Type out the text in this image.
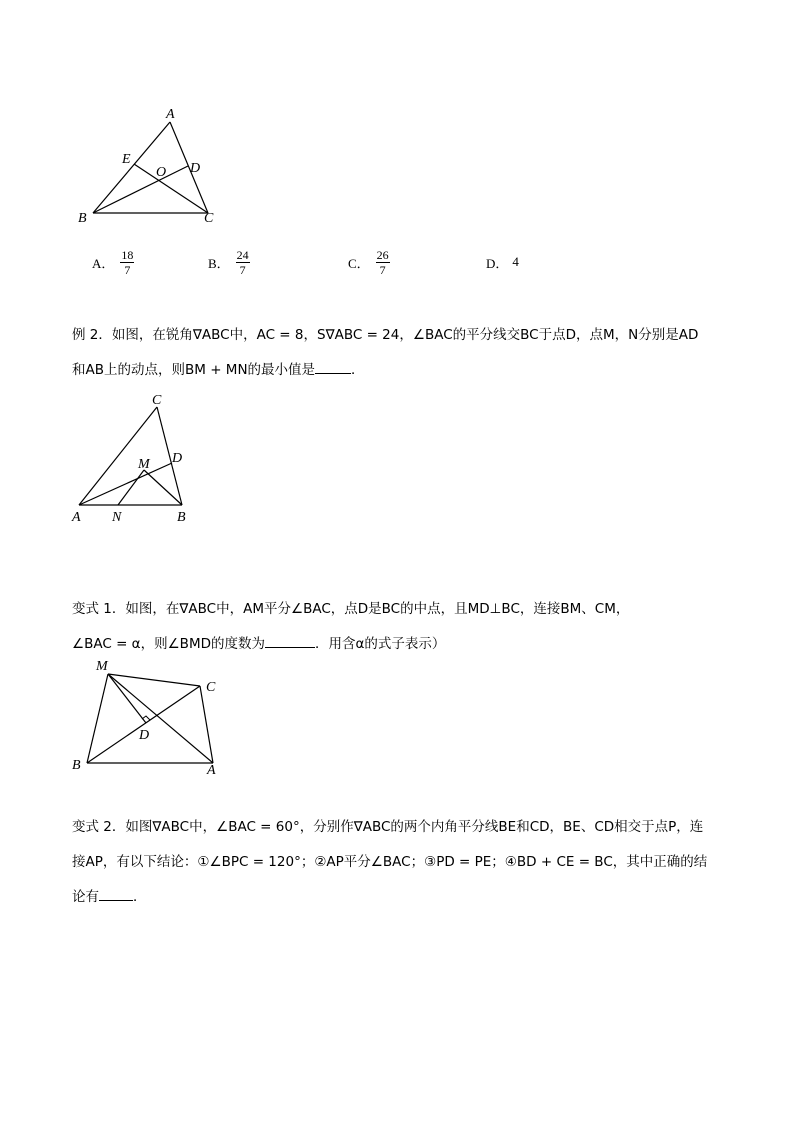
A
B	C
D
E
O
A． $\frac{18}{7}$	B． $\frac{24}{7}$	C． $\frac{26}{7}$	D． 4
例 2．如图，在锐角∇ABC中，AC = 8，S∇ABC = 24，∠BAC的平分线交BC于点D，点M，N分别是AD
和AB上的动点，则BM + MN的最小值是	．
C
D
M
A N	B
变式 1．如图，在∇ABC中，AM平分∠BAC，点D是BC的中点，且MD⊥BC，连接BM、CM，
∠BAC = α，则∠BMD的度数为	．用含α的式子表示）
M
C
D
B	A
变式 2．如图∇ABC中，∠BAC = 60°，分别作∇ABC的两个内角平分线BE和CD，BE、CD相交于点P，连
接AP，有以下结论：①∠BPC = 120°；②AP平分∠BAC；③PD = PE；④BD + CE = BC，其中正确的结
论有	．
